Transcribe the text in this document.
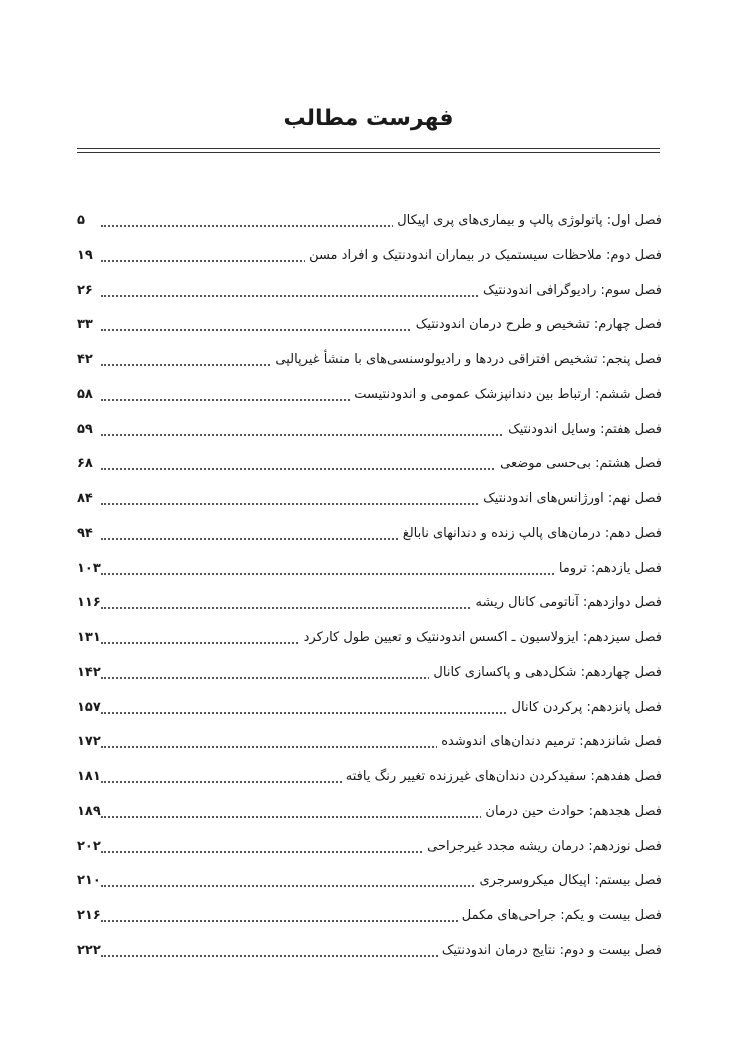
فهرست مطالب
فصل اول: پاتولوژی پالپ و بیماری‌های پری اپیکال
۵
فصل دوم: ملاحظات سیستمیک در بیماران اندودنتیک و افراد مسن
۱۹
فصل سوم: رادیوگرافی اندودنتیک
۲۶
فصل چهارم: تشخیص و طرح درمان اندودنتیک
۳۳
فصل پنجم: تشخیص افتراقی دردها و رادیولوسنسی‌های با منشأ غیرپالپی
۴۲
فصل ششم: ارتباط بین دندانپزشک عمومی و اندودنتیست
۵۸
فصل هفتم: وسایل اندودنتیک
۵۹
فصل هشتم: بی‌حسی موضعی
۶۸
فصل نهم: اورژانس‌های اندودنتیک
۸۴
فصل دهم: درمان‌های پالپ زنده و دندانهای نابالغ
۹۴
فصل یازدهم: تروما
۱۰۳
فصل دوازدهم: آناتومی کانال ریشه
۱۱۶
فصل سیزدهم: ایزولاسیون ـ اکسس اندودنتیک و تعیین طول کارکرد
۱۳۱
فصل چهاردهم: شکل‌دهی و پاکسازی کانال
۱۴۲
فصل پانزدهم: پرکردن کانال
۱۵۷
فصل شانزدهم: ترمیم دندان‌های اندوشده
۱۷۲
فصل هفدهم: سفیدکردن دندان‌های غیرزنده تغییر رنگ یافته
۱۸۱
فصل هجدهم: حوادث حین درمان
۱۸۹
فصل نوزدهم: درمان ریشه مجدد غیرجراحی
۲۰۲
فصل بیستم: اپیکال میکروسرجری
۲۱۰
فصل بیست و یکم: جراحی‌های مکمل
۲۱۶
فصل بیست و دوم: نتایج درمان اندودنتیک
۲۲۲
